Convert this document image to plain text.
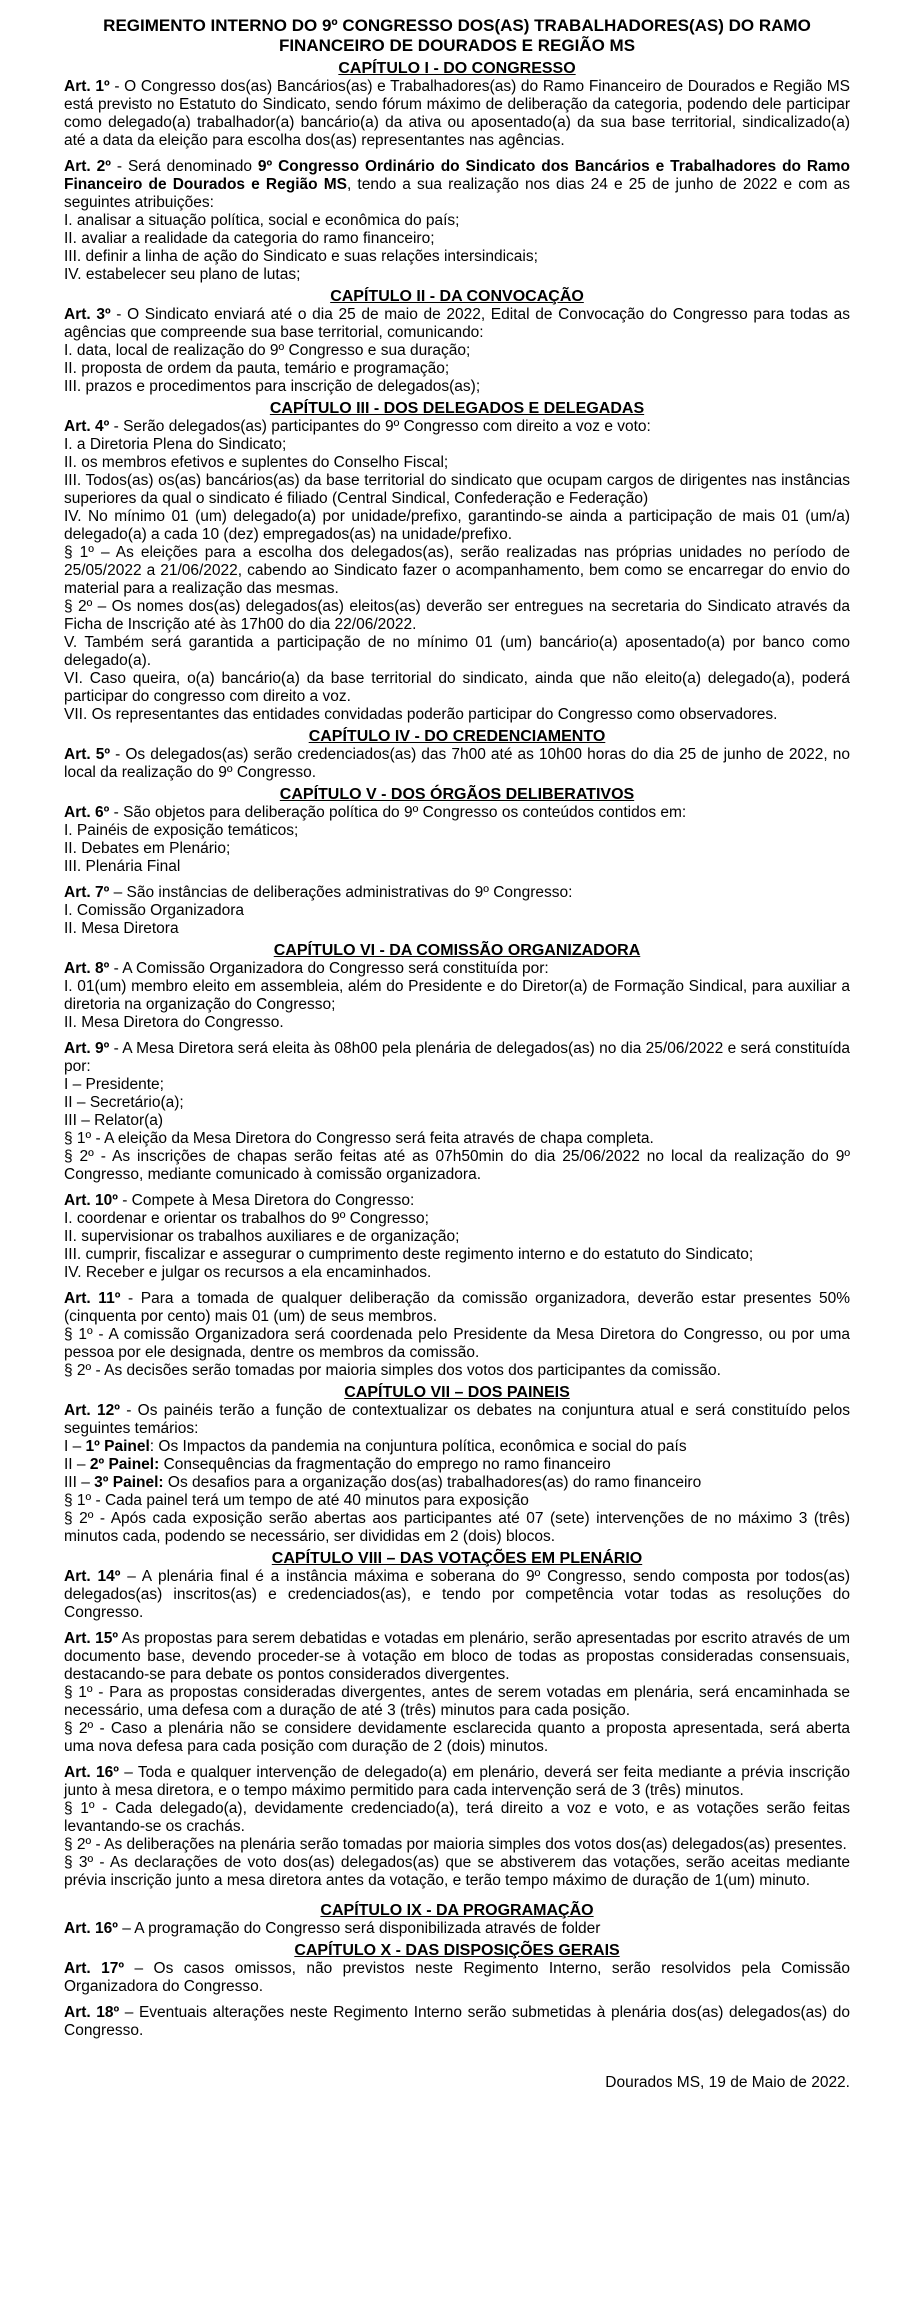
REGIMENTO INTERNO DO 9º CONGRESSO DOS(AS) TRABALHADORES(AS) DO RAMO
FINANCEIRO DE DOURADOS E REGIÃO MS
CAPÍTULO I - DO CONGRESSO
Art. 1º - O Congresso dos(as) Bancários(as) e Trabalhadores(as) do Ramo Financeiro de Dourados e Região MS está previsto no Estatuto do Sindicato, sendo fórum máximo de deliberação da categoria, podendo dele participar como delegado(a) trabalhador(a) bancário(a) da ativa ou aposentado(a) da sua base territorial, sindicalizado(a) até a data da eleição para escolha dos(as) representantes nas agências.

Art. 2º - Será denominado 9º Congresso Ordinário do Sindicato dos Bancários e Trabalhadores do Ramo Financeiro de Dourados e Região MS, tendo a sua realização nos dias 24 e 25 de junho de 2022 e com as seguintes atribuições:

I. analisar a situação política, social e econômica do país;

II. avaliar a realidade da categoria do ramo financeiro;

III. definir a linha de ação do Sindicato e suas relações intersindicais;

IV. estabelecer seu plano de lutas;

CAPÍTULO II - DA CONVOCAÇÃO

Art. 3º - O Sindicato enviará até o dia 25 de maio de 2022, Edital de Convocação do Congresso para todas as agências que compreende sua base territorial, comunicando:

I. data, local de realização do 9º Congresso e sua duração;

II. proposta de ordem da pauta, temário e programação;

III. prazos e procedimentos para inscrição de delegados(as);

CAPÍTULO III - DOS DELEGADOS E DELEGADAS

Art. 4º - Serão delegados(as) participantes do 9º Congresso com direito a voz e voto:

I. a Diretoria Plena do Sindicato;

II. os membros efetivos e suplentes do Conselho Fiscal;

III. Todos(as) os(as) bancários(as) da base territorial do sindicato que ocupam cargos de dirigentes nas instâncias superiores da qual o sindicato é filiado (Central Sindical, Confederação e Federação)

IV. No mínimo 01 (um) delegado(a) por unidade/prefixo, garantindo-se ainda a participação de mais 01 (um/a) delegado(a) a cada 10 (dez) empregados(as) na unidade/prefixo.

§ 1º – As eleições para a escolha dos delegados(as), serão realizadas nas próprias unidades no período de 25/05/2022 a 21/06/2022, cabendo ao Sindicato fazer o acompanhamento, bem como se encarregar do envio do material para a realização das mesmas.

§ 2º – Os nomes dos(as) delegados(as) eleitos(as) deverão ser entregues na secretaria do Sindicato através da Ficha de Inscrição até às 17h00 do dia 22/06/2022.

V. Também será garantida a participação de no mínimo 01 (um) bancário(a) aposentado(a) por banco como delegado(a).

VI. Caso queira, o(a) bancário(a) da base territorial do sindicato, ainda que não eleito(a) delegado(a), poderá participar do congresso com direito a voz.

VII. Os representantes das entidades convidadas poderão participar do Congresso como observadores.

CAPÍTULO IV - DO CREDENCIAMENTO
Art. 5º - Os delegados(as) serão credenciados(as) das 7h00 até as 10h00 horas do dia 25 de junho de 2022, no local da realização do 9º Congresso.
CAPÍTULO V - DOS ÓRGÃOS DELIBERATIVOS

Art. 6º - São objetos para deliberação política do 9º Congresso os conteúdos contidos em:

I. Painéis de exposição temáticos;

II. Debates em Plenário;

III. Plenária Final

Art. 7º – São instâncias de deliberações administrativas do 9º Congresso:

I. Comissão Organizadora

II. Mesa Diretora

CAPÍTULO VI - DA COMISSÃO ORGANIZADORA

Art. 8º - A Comissão Organizadora do Congresso será constituída por:

I. 01(um) membro eleito em assembleia, além do Presidente e do Diretor(a) de Formação Sindical, para auxiliar a diretoria na organização do Congresso;

II. Mesa Diretora do Congresso.

Art. 9º - A Mesa Diretora será eleita às 08h00 pela plenária de delegados(as) no dia 25/06/2022 e será constituída por:

I – Presidente;

II – Secretário(a);

III – Relator(a)

§ 1º - A eleição da Mesa Diretora do Congresso será feita através de chapa completa.

§ 2º - As inscrições de chapas serão feitas até as 07h50min do dia 25/06/2022 no local da realização do 9º Congresso, mediante comunicado à comissão organizadora.

Art. 10º - Compete à Mesa Diretora do Congresso:

I. coordenar e orientar os trabalhos do 9º Congresso;

II. supervisionar os trabalhos auxiliares e de organização;

III. cumprir, fiscalizar e assegurar o cumprimento deste regimento interno e do estatuto do Sindicato;

IV. Receber e julgar os recursos a ela encaminhados.

Art. 11º - Para a tomada de qualquer deliberação da comissão organizadora, deverão estar presentes 50% (cinquenta por cento) mais 01 (um) de seus membros.

§ 1º - A comissão Organizadora será coordenada pelo Presidente da Mesa Diretora do Congresso, ou por uma pessoa por ele designada, dentre os membros da comissão.

§ 2º - As decisões serão tomadas por maioria simples dos votos dos participantes da comissão.

CAPÍTULO VII – DOS PAINEIS

Art. 12º - Os painéis terão a função de contextualizar os debates na conjuntura atual e será constituído pelos seguintes temários:

I – 1º Painel: Os Impactos da pandemia na conjuntura política, econômica e social do país

II – 2º Painel: Consequências da fragmentação do emprego no ramo financeiro

III – 3º Painel: Os desafios para a organização dos(as) trabalhadores(as) do ramo financeiro

§ 1º - Cada painel terá um tempo de até 40 minutos para exposição

§ 2º - Após cada exposição serão abertas aos participantes até 07 (sete) intervenções de no máximo 3 (três) minutos cada, podendo se necessário, ser divididas em 2 (dois) blocos.

CAPÍTULO VIII – DAS VOTAÇÕES EM PLENÁRIO
Art. 14º – A plenária final é a instância máxima e soberana do 9º Congresso, sendo composta por todos(as) delegados(as) inscritos(as) e credenciados(as), e tendo por competência votar todas as resoluções do Congresso.

Art. 15º As propostas para serem debatidas e votadas em plenário, serão apresentadas por escrito através de um documento base, devendo proceder-se à votação em bloco de todas as propostas consideradas consensuais, destacando-se para debate os pontos considerados divergentes.

§ 1º - Para as propostas consideradas divergentes, antes de serem votadas em plenária, será encaminhada se necessário, uma defesa com a duração de até 3 (três) minutos para cada posição.

§ 2º - Caso a plenária não se considere devidamente esclarecida quanto a proposta apresentada, será aberta uma nova defesa para cada posição com duração de 2 (dois) minutos.

Art. 16º – Toda e qualquer intervenção de delegado(a) em plenário, deverá ser feita mediante a prévia inscrição junto à mesa diretora, e o tempo máximo permitido para cada intervenção será de 3 (três) minutos.

§ 1º - Cada delegado(a), devidamente credenciado(a), terá direito a voz e voto, e as votações serão feitas levantando-se os crachás.

§ 2º - As deliberações na plenária serão tomadas por maioria simples dos votos dos(as) delegados(as) presentes.

§ 3º - As declarações de voto dos(as) delegados(as) que se abstiverem das votações, serão aceitas mediante prévia inscrição junto a mesa diretora antes da votação, e terão tempo máximo de duração de 1(um) minuto.

CAPÍTULO IX - DA PROGRAMAÇÃO
Art. 16º – A programação do Congresso será disponibilizada através de folder
CAPÍTULO X - DAS DISPOSIÇÕES GERAIS
Art. 17º – Os casos omissos, não previstos neste Regimento Interno, serão resolvidos pela Comissão Organizadora do Congresso.
Art. 18º – Eventuais alterações neste Regimento Interno serão submetidas à plenária dos(as) delegados(as) do Congresso.
Dourados MS, 19 de Maio de 2022.
